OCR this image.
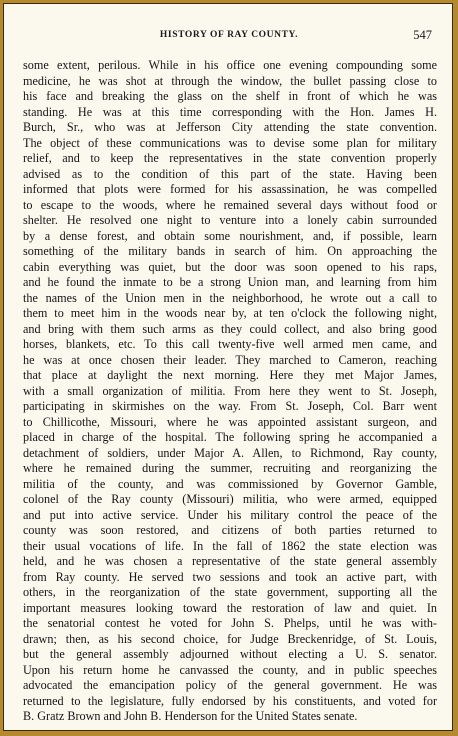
HISTORY OF RAY COUNTY.	547
some extent, perilous. While in his office one evening compounding some
medicine, he was shot at through the window, the bullet passing close to
his face and breaking the glass on the shelf in front of which he was
standing. He was at this time corresponding with the Hon. James H.
Burch, Sr., who was at Jefferson City attending the state convention.
The object of these communications was to devise some plan for military
relief, and to keep the representatives in the state convention properly
advised as to the condition of this part of the state. Having been
informed that plots were formed for his assassination, he was compelled
to escape to the woods, where he remained several days without food or
shelter. He resolved one night to venture into a lonely cabin surrounded
by a dense forest, and obtain some nourishment, and, if possible, learn
something of the military bands in search of him. On approaching the
cabin everything was quiet, but the door was soon opened to his raps,
and he found the inmate to be a strong Union man, and learning from him
the names of the Union men in the neighborhood, he wrote out a call to
them to meet him in the woods near by, at ten o'clock the following night,
and bring with them such arms as they could collect, and also bring good
horses, blankets, etc. To this call twenty-five well armed men came, and
he was at once chosen their leader. They marched to Cameron, reaching
that place at daylight the next morning. Here they met Major James,
with a small organization of militia. From here they went to St. Joseph,
participating in skirmishes on the way. From St. Joseph, Col. Barr went
to Chillicothe, Missouri, where he was appointed assistant surgeon, and
placed in charge of the hospital. The following spring he accompanied a
detachment of soldiers, under Major A. Allen, to Richmond, Ray county,
where he remained during the summer, recruiting and reorganizing the
militia of the county, and was commissioned by Governor Gamble,
colonel of the Ray county (Missouri) militia, who were armed, equipped
and put into active service. Under his military control the peace of the
county was soon restored, and citizens of both parties returned to
their usual vocations of life. In the fall of 1862 the state election was
held, and he was chosen a representative of the state general assembly
from Ray county. He served two sessions and took an active part, with
others, in the reorganization of the state government, supporting all the
important measures looking toward the restoration of law and quiet. In
the senatorial contest he voted for John S. Phelps, until he was with-
drawn; then, as his second choice, for Judge Breckenridge, of St. Louis,
but the general assembly adjourned without electing a U. S. senator.
Upon his return home he canvassed the county, and in public speeches
advocated the emancipation policy of the general government. He was
returned to the legislature, fully endorsed by his constituents, and voted for
B. Gratz Brown and John B. Henderson for the United States senate.
